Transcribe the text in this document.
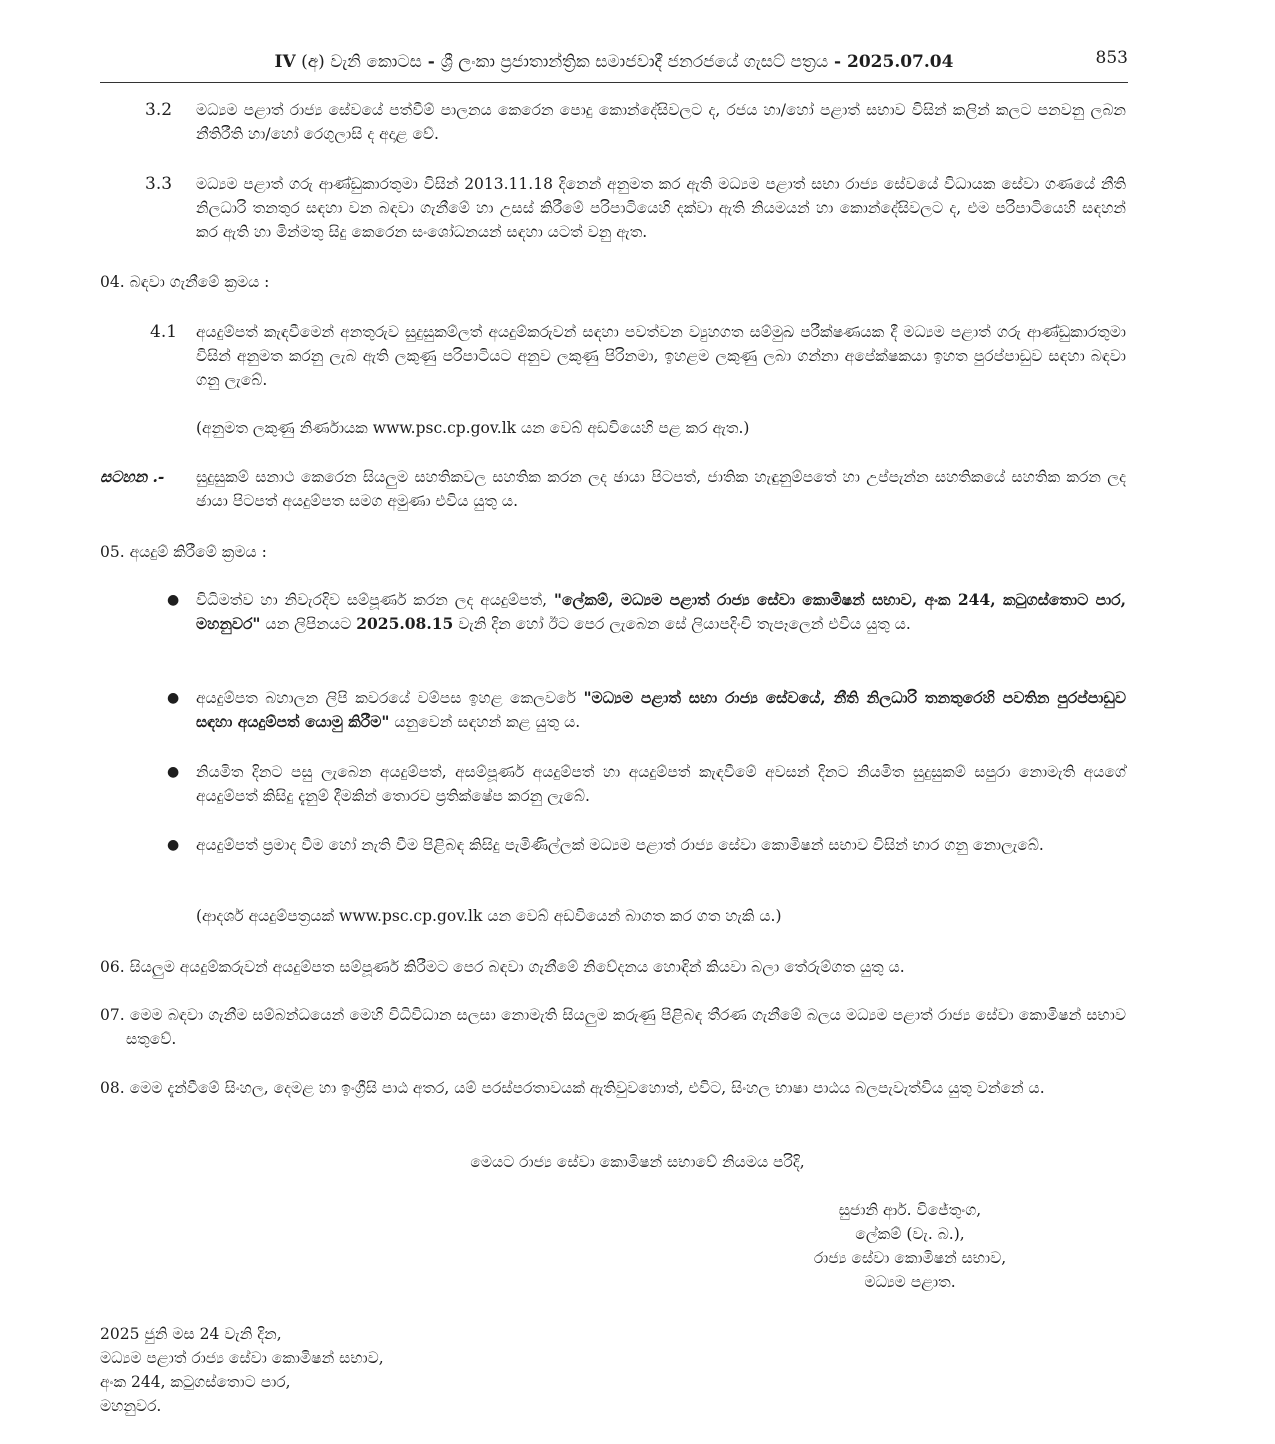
IV (අ) වැනි කොටස - ශ්‍රී ලංකා ප්‍රජාතාන්ත්‍රික සමාජවාදී ජනරජයේ ගැසට් පත්‍රය - 2025.07.04	853
3.2 මධ්‍යම පළාත් රාජ්‍ය සේවයේ පත්වීම් පාලනය කෙරෙන පොදු කොන්දේසිවලට ද, රජය හා/හෝ පළාත් සභාව විසින් කලින් කලට පනවනු ලබන නීතිරීති හා/හෝ රෙගුලාසි ද අදාළ වේ.
3.3 මධ්‍යම පළාත් ගරු ආණ්ඩුකාරතුමා විසින් 2013.11.18 දිනෙන් අනුමත කර ඇති මධ්‍යම පළාත් සභා රාජ්‍ය සේවයේ විධායක සේවා ගණයේ නීති නිලධාරි තනතුර සඳහා වන බඳවා ගැනීමේ හා උසස් කිරීමේ පරිපාටියෙහි දක්වා ඇති නියමයන් හා කොන්දේසිවලට ද, එම පරිපාටියෙහි සඳහන් කර ඇති හා මින්මතු සිදු කෙරෙන සංශෝධනයන් සඳහා යටත් වනු ඇත.
04. බඳවා ගැනීමේ ක්‍රමය :
4.1 අයදුම්පත් කැඳවීමෙන් අනතුරුව සුදුසුකම්ලත් අයදුම්කරුවන් සඳහා පවත්වන ව්‍යුහගත සම්මුඛ පරීක්ෂණයක දී මධ්‍යම පළාත් ගරු ආණ්ඩුකාරතුමා විසින් අනුමත කරනු ලැබ ඇති ලකුණු පරිපාටියට අනුව ලකුණු පිරිනමා, ඉහළම ලකුණු ලබා ගන්නා අපේක්ෂකයා ඉහත පුරප්පාඩුව සඳහා බඳවා ගනු ලැබේ.
(අනුමත ලකුණු නිර්ණායක www.psc.cp.gov.lk යන වෙබ් අඩවියෙහි පළ කර ඇත.)
සටහන .- සුදුසුකම් සනාථ කෙරෙන සියලුම සහතිකවල සහතික කරන ලද ඡායා පිටපත්, ජාතික හැඳුනුම්පතේ හා උප්පැන්න සහතිකයේ සහතික කරන ලද ඡායා පිටපත් අයදුම්පත සමග අමුණා එවිය යුතු ය.
05. අයදුම් කිරීමේ ක්‍රමය :
● විධිමත්ව හා නිවැරදිව සම්පූර්ණ කරන ලද අයදුම්පත්, "ලේකම්, මධ්‍යම පළාත් රාජ්‍ය සේවා කොමිෂන් සභාව, අංක 244, කටුගස්තොට පාර, මහනුවර" යන ලිපිනයට 2025.08.15 වැනි දින හෝ ඊට පෙර ලැබෙන සේ ලියාපදිංචි තැපෑලෙන් එවිය යුතු ය.
● අයදුම්පත බහාලන ලිපි කවරයේ වම්පස ඉහළ කෙලවරේ "මධ්‍යම පළාත් සභා රාජ්‍ය සේවයේ, නීති නිලධාරි තනතුරෙහි පවතින පුරප්පාඩුව සඳහා අයදුම්පත් යොමු කිරීම" යනුවෙන් සඳහන් කළ යුතු ය.
● නියමිත දිනට පසු ලැබෙන අයදුම්පත්, අසම්පූර්ණ අයදුම්පත් හා අයදුම්පත් කැඳවීමේ අවසන් දිනට නියමිත සුදුසුකම් සපුරා නොමැති අයගේ අයදුම්පත් කිසිදු දැනුම් දීමකින් තොරව ප්‍රතික්ෂේප කරනු ලැබේ.
● අයදුම්පත් ප්‍රමාද වීම හෝ නැති වීම පිළිබඳ කිසිදු පැමිණිල්ලක් මධ්‍යම පළාත් රාජ්‍ය සේවා කොමිෂන් සභාව විසින් භාර ගනු නොලැබේ.
(ආදර්ශ අයදුම්පත්‍රයක් www.psc.cp.gov.lk යන වෙබ් අඩවියෙන් බාගත කර ගත හැකි ය.)
06. සියලුම අයදුම්කරුවන් අයදුම්පත සම්පූර්ණ කිරීමට පෙර බඳවා ගැනීමේ නිවේදනය හොඳින් කියවා බලා තේරුම්ගත යුතු ය.
07. මෙම බඳවා ගැනීම සම්බන්ධයෙන් මෙහි විධිවිධාන සලසා නොමැති සියලුම කරුණු පිළිබඳ තීරණ ගැනීමේ බලය මධ්‍යම පළාත් රාජ්‍ය සේවා කොමිෂන් සභාව සතුවේ.
08. මෙම දැන්වීමේ සිංහල, දෙමළ හා ඉංග්‍රීසි පාඨ අතර, යම් පරස්පරතාවයක් ඇතිවුවහොත්, එවිට, සිංහල භාෂා පාඨය බලපැවැත්විය යුතු වන්නේ ය.
මෙයට රාජ්‍ය සේවා කොමිෂන් සභාවේ නියමය පරිදි,
සුජානි ආර්. විජේතුංග,
ලේකම් (වැ. බ.),
රාජ්‍ය සේවා කොමිෂන් සභාව,
මධ්‍යම පළාත.
2025 ජුනි මස 24 වැනි දින,
මධ්‍යම පළාත් රාජ්‍ය සේවා කොමිෂන් සභාව,
අංක 244, කටුගස්තොට පාර,
මහනුවර.
